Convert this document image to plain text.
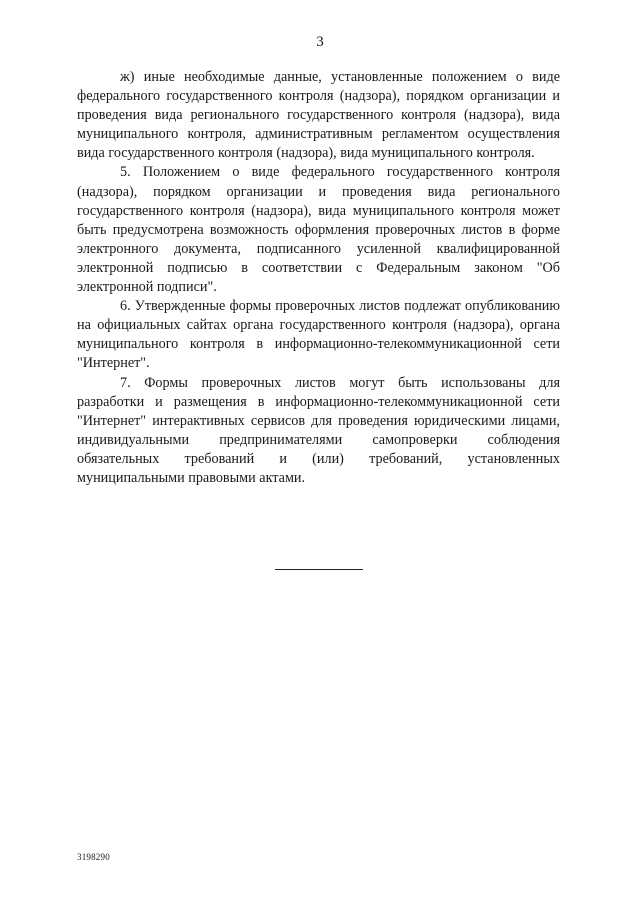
3

ж) иные необходимые данные, установленные положением о виде федерального государственного контроля (надзора), порядком организации и проведения вида регионального государственного контроля (надзора), вида муниципального контроля, административным регламентом осуществления вида государственного контроля (надзора), вида муниципального контроля.

5. Положением о виде федерального государственного контроля (надзора), порядком организации и проведения вида регионального государственного контроля (надзора), вида муниципального контроля может быть предусмотрена возможность оформления проверочных листов в форме электронного документа, подписанного усиленной квалифицированной электронной подписью в соответствии с Федеральным законом "Об электронной подписи".

6. Утвержденные формы проверочных листов подлежат опубликованию на официальных сайтах органа государственного контроля (надзора), органа муниципального контроля в информационно-телекоммуникационной сети "Интернет".

7. Формы проверочных листов могут быть использованы для разработки и размещения в информационно-телекоммуникационной сети "Интернет" интерактивных сервисов для проведения юридическими лицами, индивидуальными предпринимателями самопроверки соблюдения обязательных требований и (или) требований, установленных муниципальными правовыми актами.

3198290
